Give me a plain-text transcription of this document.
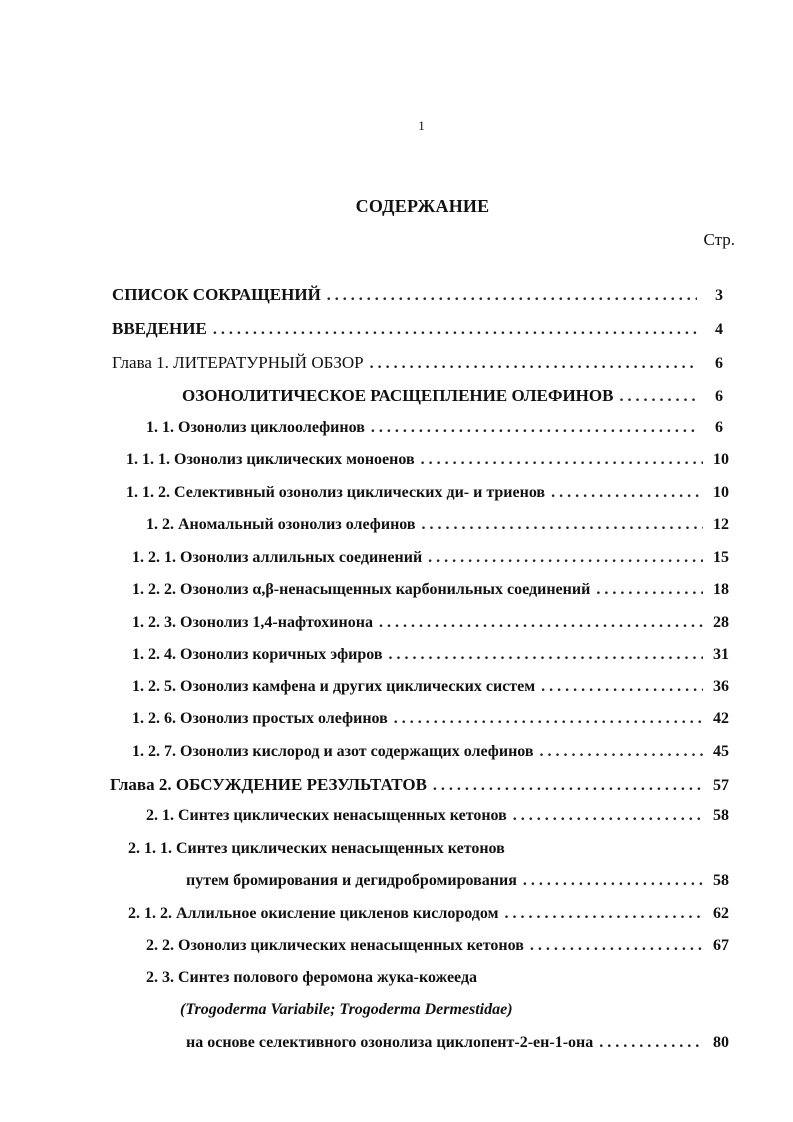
1
СОДЕРЖАНИЕ
Стр.
СПИСОК СОКРАЩЕНИЙ . . .	3
ВВЕДЕНИЕ . . .	4
Глава 1. ЛИТЕРАТУРНЫЙ ОБЗОР . . .	6
ОЗОНОЛИТИЧЕСКОЕ РАСЩЕПЛЕНИЕ ОЛЕФИНОВ . . .	6
1. 1. Озонолиз циклоолефинов . . .	6
1. 1. 1. Озонолиз циклических моноенов . . .	10
1. 1. 2. Селективный озонолиз циклических ди- и триенов . . .	10
1. 2. Аномальный озонолиз олефинов . . .	12
1. 2. 1. Озонолиз аллильных соединений . . .	15
1. 2. 2. Озонолиз α,β-ненасыщенных карбонильных соединений . . .	18
1. 2. 3. Озонолиз 1,4-нафтохинона . . .	28
1. 2. 4. Озонолиз коричных эфиров . . .	31
1. 2. 5. Озонолиз камфена и других циклических систем . . .	36
1. 2. 6. Озонолиз простых олефинов . . .	42
1. 2. 7. Озонолиз кислород и азот содержащих олефинов . . .	45
Глава 2. ОБСУЖДЕНИЕ РЕЗУЛЬТАТОВ . . .	57
2. 1. Синтез циклических ненасыщенных кетонов . . .	58
2. 1. 1. Синтез циклических ненасыщенных кетонов
путем бромирования и дегидробромирования . . .	58
2. 1. 2. Аллильное окисление цикленов кислородом . . .	62
2. 2. Озонолиз циклических ненасыщенных кетонов . . .	67
2. 3. Синтез полового феромона жука-кожееда
(Trogoderma Variabile; Trogoderma Dermestidae)
на основе селективного озонолиза циклопент-2-ен-1-она . . .	80
